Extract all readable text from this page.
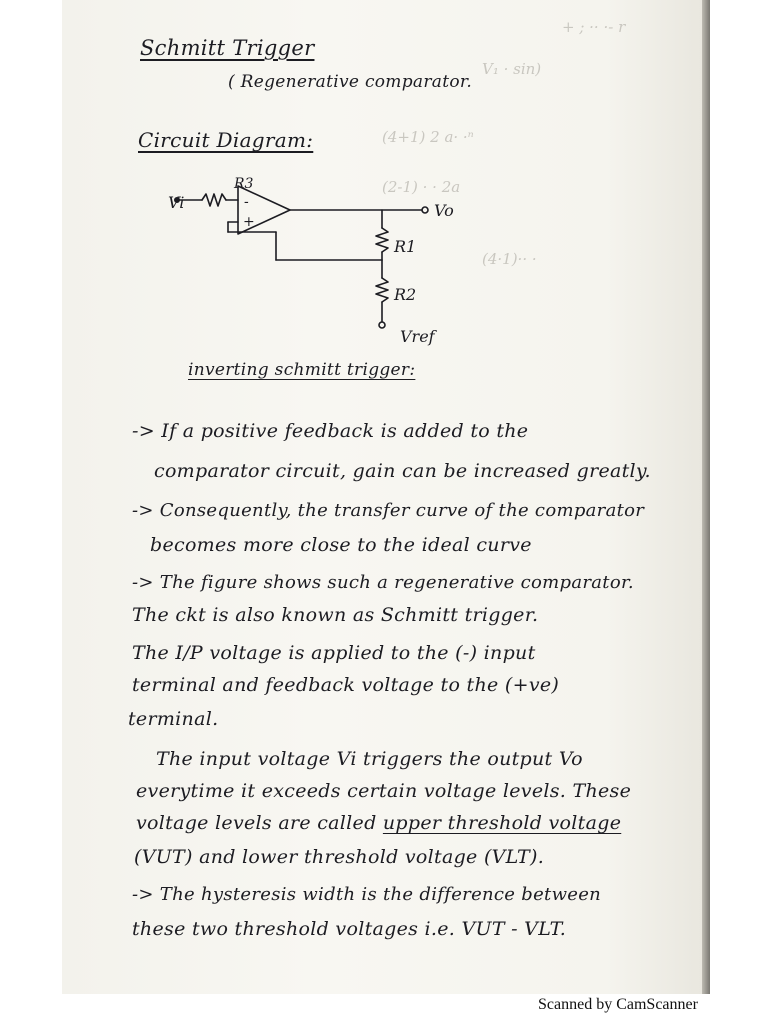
+ ; ·· ·- r
V₁ · sin)
(4+1) 2 a· ·ⁿ
(2-1) · · 2a
(4·1)·· ·
Schmitt Trigger
( Regenerative comparator.
Circuit Diagram:
Vi
R3
-
+
Vo
R1
R2
Vref
inverting schmitt trigger:
-> If a positive feedback is added to the
comparator circuit, gain can be increased greatly.
-> Consequently, the transfer curve of the comparator
becomes more close to the ideal curve
-> The figure shows such a regenerative comparator.
The ckt is also known as Schmitt trigger.
The I/P voltage is applied to the (-) input
terminal and feedback voltage to the (+ve)
terminal.
The input voltage Vi triggers the output Vo
everytime it exceeds certain voltage levels. These
voltage levels are called upper threshold voltage
(VUT) and lower threshold voltage (VLT).
-> The hysteresis width is the difference between
these two threshold voltages i.e. VUT - VLT.
Scanned by CamScanner
